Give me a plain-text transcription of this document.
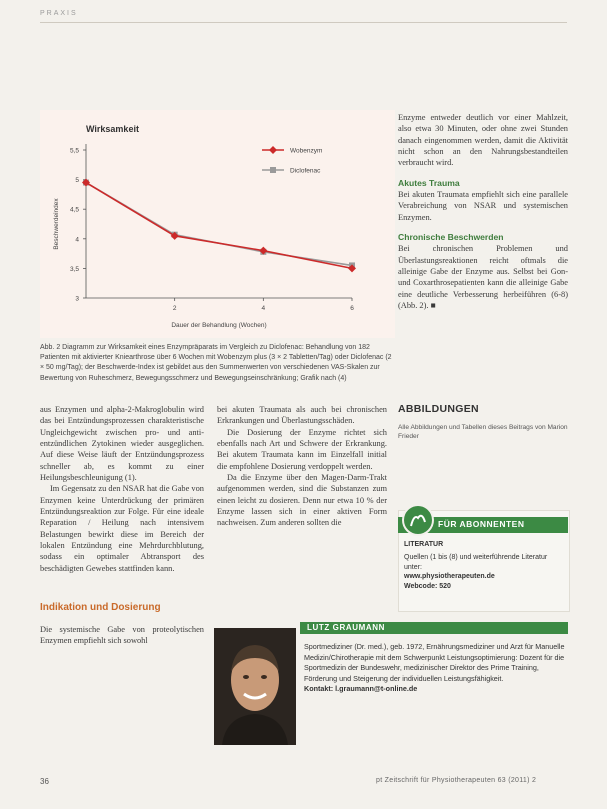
PRAXIS
Wirksamkeit
3
3,5
4
4,5
5
5,5
2	4	6
Dauer der Behandlung (Wochen)
Beschwerdeindex
Wobenzym
Diclofenac
Abb. 2 Diagramm zur Wirksamkeit eines Enzympräparats im Vergleich zu Diclofenac: Behandlung von 182 Patienten mit aktivierter Kniearthrose über 6 Wochen mit Wobenzym plus (3 × 2 Tabletten/Tag) oder Diclofenac (2 × 50 mg/Tag); der Beschwerde-Index ist gebildet aus den Summenwerten von verschiedenen VAS-Skalen zur Bewertung von Ruheschmerz, Bewegungsschmerz und Bewegungseinschränkung; Grafik nach (4)

aus Enzymen und alpha-2-Makroglobulin wird das bei Entzündungsprozessen charakteristische Ungleichgewicht zwischen pro- und anti-entzündlichen Zytokinen wieder ausgeglichen. Auf diese Weise läuft der Entzündungsprozess schneller ab, es kommt zu einer Heilungsbeschleunigung (1).

Im Gegensatz zu den NSAR hat die Gabe von Enzymen keine Unterdrückung der primären Entzündungsreaktion zur Folge. Für eine ideale Reparation / Heilung nach intensivem Belastungen bewirkt diese im Bereich der lokalen Entzündung eine Mehrdurchblutung, sodass ein optimaler Abtransport des beschädigten Gewebes stattfinden kann.

Indikation und Dosierung

Die systemische Gabe von proteolytischen Enzymen empfiehlt sich sowohl

bei akuten Traumata als auch bei chronischen Erkrankungen und Überlastungsschäden.

Die Dosierung der Enzyme richtet sich ebenfalls nach Art und Schwere der Erkrankung. Bei akutem Traumata kann im Einzelfall initial die empfohlene Dosierung verdoppelt werden.

Da die Enzyme über den Magen-Darm-Trakt aufgenommen werden, sind die Substanzen zum einen leicht zu dosieren. Denn nur etwa 10 % der Enzyme lassen sich in einer aktiven Form nachweisen. Zum anderen sollten die

Enzyme entweder deutlich vor einer Mahlzeit, also etwa 30 Minuten, oder ohne zwei Stunden danach eingenommen werden, damit die Aktivität nicht schon an den Nahrungsbestandteilen verbraucht wird.

Akutes Trauma

Bei akuten Traumata empfiehlt sich eine parallele Verabreichung von NSAR und systemischen Enzymen.

Chronische Beschwerden

Bei chronischen Problemen und Überlastungsreaktionen reicht oftmals die alleinige Gabe der Enzyme aus. Selbst bei Gon- und Coxarthrosepatienten kann die alleinige Gabe eine deutliche Verbesserung herbeiführen (6-8) (Abb. 2). ■

ABBILDUNGEN
Alle Abbildungen und Tabellen dieses Beitrags von Marion Frieder
FÜR ABONNENTEN
LITERATUR
Quellen (1 bis (8) und weiterführende Literatur unter:
www.physiotherapeuten.de
Webcode: 520
LUTZ GRAUMANN
Sportmediziner (Dr. med.), geb. 1972, Ernährungsmediziner und Arzt für Manuelle Medizin/Chirotherapie mit dem Schwerpunkt Leistungsoptimierung: Dozent für die Sportmedizin der Bundeswehr, medizinischer Direktor des Prime Training, Förderung und Steigerung der individuellen Leistungsfähigkeit.
Kontakt: l.graumann@t-online.de
36	pt Zeitschrift für Physiotherapeuten 63 (2011) 2
